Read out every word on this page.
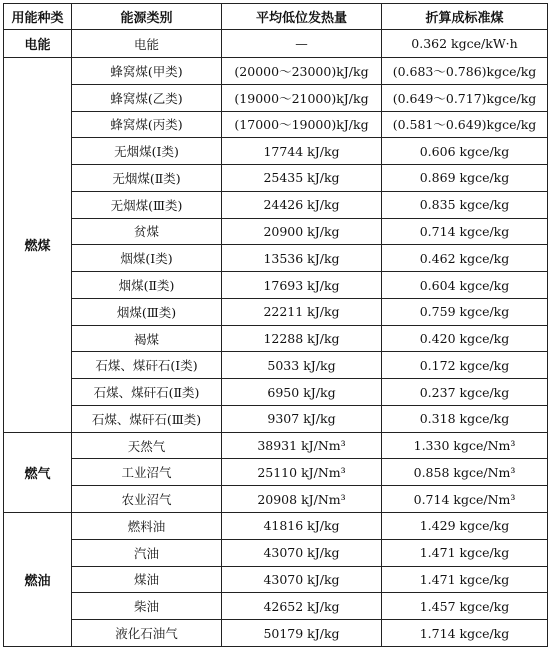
用能种类	能源类别	平均低位发热量	折算成标准煤
电能	电能	—	0.362 kgce/kW·h
燃煤	蜂窝煤(甲类)	(20000～23000)kJ/kg	(0.683～0.786)kgce/kg
	蜂窝煤(乙类)	(19000～21000)kJ/kg	(0.649～0.717)kgce/kg
	蜂窝煤(丙类)	(17000～19000)kJ/kg	(0.581～0.649)kgce/kg
	无烟煤(Ⅰ类)	17744 kJ/kg	0.606 kgce/kg
	无烟煤(Ⅱ类)	25435 kJ/kg	0.869 kgce/kg
	无烟煤(Ⅲ类)	24426 kJ/kg	0.835 kgce/kg
	贫煤	20900 kJ/kg	0.714 kgce/kg
	烟煤(Ⅰ类)	13536 kJ/kg	0.462 kgce/kg
	烟煤(Ⅱ类)	17693 kJ/kg	0.604 kgce/kg
	烟煤(Ⅲ类)	22211 kJ/kg	0.759 kgce/kg
	褐煤	12288 kJ/kg	0.420 kgce/kg
	石煤、煤矸石(Ⅰ类)	5033 kJ/kg	0.172 kgce/kg
	石煤、煤矸石(Ⅱ类)	6950 kJ/kg	0.237 kgce/kg
	石煤、煤矸石(Ⅲ类)	9307 kJ/kg	0.318 kgce/kg
燃气	天然气	38931 kJ/Nm³	1.330 kgce/Nm³
	工业沼气	25110 kJ/Nm³	0.858 kgce/Nm³
	农业沼气	20908 kJ/Nm³	0.714 kgce/Nm³
燃油	燃料油	41816 kJ/kg	1.429 kgce/kg
	汽油	43070 kJ/kg	1.471 kgce/kg
	煤油	43070 kJ/kg	1.471 kgce/kg
	柴油	42652 kJ/kg	1.457 kgce/kg
	液化石油气	50179 kJ/kg	1.714 kgce/kg
